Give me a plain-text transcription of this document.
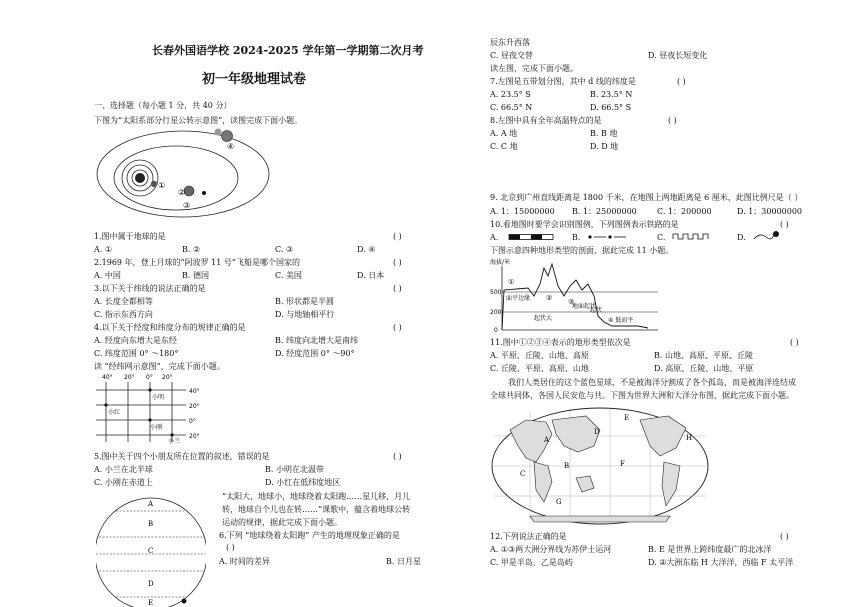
长春外国语学校 2024-2025 学年第一学期第二次月考
初一年级地理试卷
一、选择题（每小题 1 分，共 40 分）
下图为“太阳系部分行星公转示意图”，读图完成下面小题。
①
②
③
④
1.图中属于地球的是	( )
A. ①	B. ②	C. ③	D. ④
2.1969 年，登上月球的“阿波罗 11 号”飞船是哪个国家的	( )
A. 中国	B. 德国	C. 美国	D. 日本
3.以下关于纬线的说法正确的是	( )
A. 长度全都相等	B. 形状都是半圆
C. 指示东西方向	D. 与地轴相平行
4.以下关于经度和纬度分布的规律正确的是	( )
A. 经度向东增大是东经	B. 纬度向北增大是南纬
C. 纬度范围 0° ～180°	D. 经度范围 0° ～90°
读 “经纬网示意图”，完成下面小题。
40° 20° 0° 20°
40°
20°
0°
20°
小明
小红
小刚
小兰
5.图中关于四个小朋友所在位置的叙述，错误的是	( )
A. 小兰在北半球	B. 小明在北温带
C. 小刚在赤道上	D. 小红在低纬度地区
A
B
C
D
E
“太阳大，地球小，地球绕着太阳跑……星儿移，月儿
转，地球自个儿也在转……”课歌中，蕴含着地球公转
运动的规律，据此完成下面小题。
6.下列 “地球绕着太阳跑” 产生的地理现象正确的是
( )
A. 时间的差异	B. 日月星
辰东升西落
C. 昼夜交替	D. 昼夜长短变化
读左图，完成下面小题。
7.左图是五带划分图，其中 d 线的纬度是	( )
A. 23.5° S	B. 23.5° N
C. 66.5° N	D. 66.5° S
8.左图中具有全年高温特点的是	( )
A. A 地	B. B 地
C. C 地	D. D 地
9. 北京到广州直线距离是 1800 千米，在地图上两地距离是 6 厘米，此图比例尺是（ ）
A. 1：15000000 B. 1：25000000	C. 1：200000	D. 1：30000000
10.看地图时要学会识别图例，下列图例表示铁路的是	( )
A.	B.	C.	D.
下图示意四种地形类型的剖面，据此完成 11 小题。
海拔/米
500
200
0
①
② ③
面平边缘
起伏大
地面起伏
起伏
④ 低而平
11.图中①②③④表示的地形类型依次是	( )
A. 平原、丘陵、山地、高原	B. 山地、高原、平原、丘陵
C. 丘陵、平原、高原、山地	D. 高原、丘陵、山地、平原
我们人类居住的这个蓝色星球，不是被海洋分割成了各个孤岛，而是被海洋连结成
全球共同体，各国人民安危与共。下图为世界大洲和大洋分布图，据此完成下面小题。
A
B
C
D
E
F
G
H
12.下列说法正确的是	( )
A. ①③两大洲分界线为苏伊士运河	B. E 是世界上跨纬度最广的北冰洋
C. 甲是半岛，乙是岛屿	D. ②大洲东临 H 大洋洋，西临 F 太平洋
